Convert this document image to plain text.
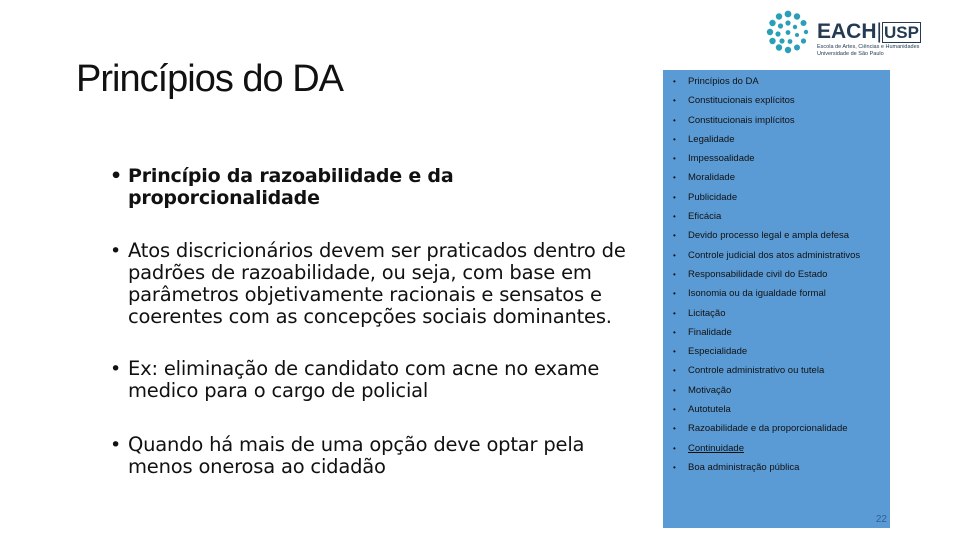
Princípios do DA
• Princípio da razoabilidade e da proporcionalidade
• Atos discricionários devem ser praticados dentro de padrões de razoabilidade, ou seja, com base em parâmetros objetivamente racionais e sensatos e coerentes com as concepções sociais dominantes.
• Ex: eliminação de candidato com acne no exame medico para o cargo de policial
• Quando há mais de uma opção deve optar pela menos onerosa ao cidadão
EACH| USP
Escola de Artes, Ciências e Humanidades
Universidade de São Paulo
• Princípios do DA
• Constitucionais explícitos
• Constitucionais implícitos
• Legalidade
• Impessoalidade
• Moralidade
• Publicidade
• Eficácia
• Devido processo legal e ampla defesa
• Controle judicial dos atos administrativos
• Responsabilidade civil do Estado
• Isonomia ou da igualdade formal
• Licitação
• Finalidade
• Especialidade
• Controle administrativo ou tutela
• Motivação
• Autotutela
• Razoabilidade e da proporcionalidade
• Continuidade
• Boa administração pública
22
